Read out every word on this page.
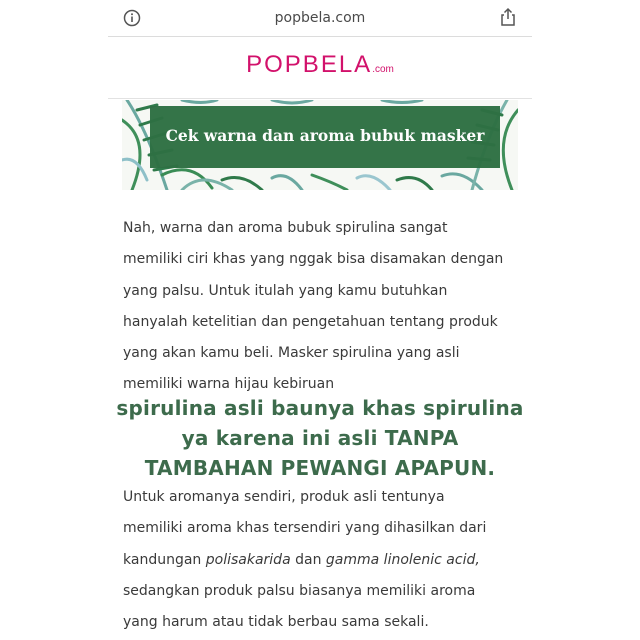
popbela.com
POPBELA.com
Cek warna dan aroma bubuk masker
Nah, warna dan aroma bubuk spirulina sangat
memiliki ciri khas yang nggak bisa disamakan dengan
yang palsu. Untuk itulah yang kamu butuhkan
hanyalah ketelitian dan pengetahuan tentang produk
yang akan kamu beli. Masker spirulina yang asli
memiliki warna hijau kebiruan
spirulina asli baunya khas spirulina
ya karena ini asli TANPA
TAMBAHAN PEWANGI APAPUN.
Untuk aromanya sendiri, produk asli tentunya
memiliki aroma khas tersendiri yang dihasilkan dari
kandungan polisakarida dan gamma linolenic acid,
sedangkan produk palsu biasanya memiliki aroma
yang harum atau tidak berbau sama sekali.
